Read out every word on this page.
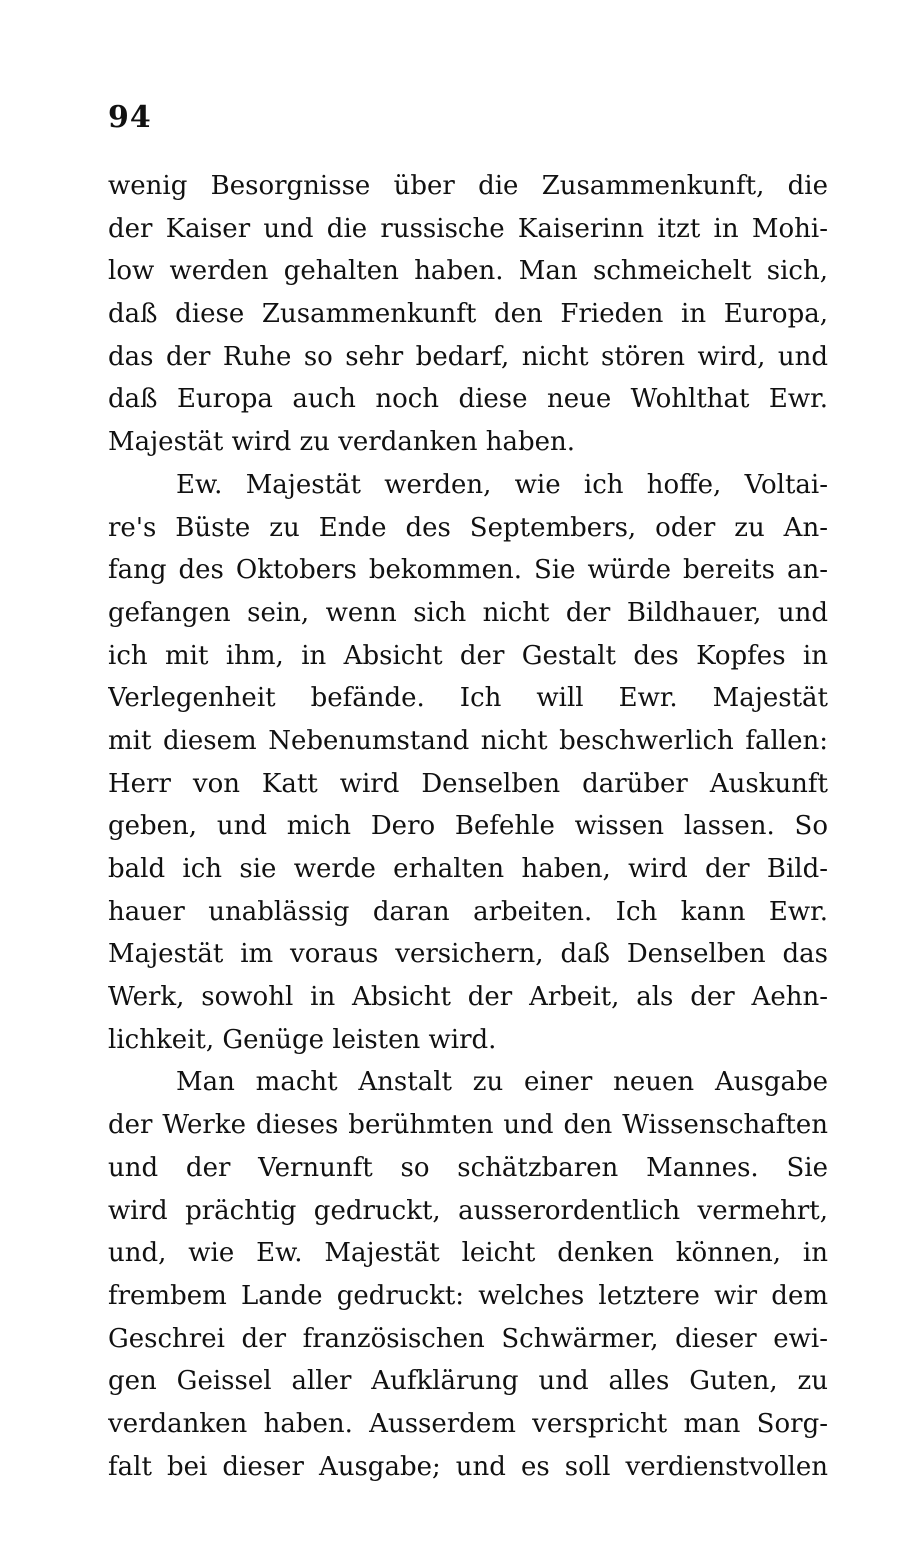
94
wenig Besorgnisse über die Zusammenkunft, die
der Kaiser und die russische Kaiserinn itzt in Mohi-
low werden gehalten haben. Man schmeichelt sich,
daß diese Zusammenkunft den Frieden in Europa,
das der Ruhe so sehr bedarf, nicht stören wird, und
daß Europa auch noch diese neue Wohlthat Ewr.
Majestät wird zu verdanken haben.
Ew. Majestät werden, wie ich hoffe, Voltai-
re's Büste zu Ende des Septembers, oder zu An-
fang des Oktobers bekommen. Sie würde bereits an-
gefangen sein, wenn sich nicht der Bildhauer, und
ich mit ihm, in Absicht der Gestalt des Kopfes in
Verlegenheit befände. Ich will Ewr. Majestät
mit diesem Nebenumstand nicht beschwerlich fallen:
Herr von Katt wird Denselben darüber Auskunft
geben, und mich Dero Befehle wissen lassen. So
bald ich sie werde erhalten haben, wird der Bild-
hauer unablässig daran arbeiten. Ich kann Ewr.
Majestät im voraus versichern, daß Denselben das
Werk, sowohl in Absicht der Arbeit, als der Aehn-
lichkeit, Genüge leisten wird.
Man macht Anstalt zu einer neuen Ausgabe
der Werke dieses berühmten und den Wissenschaften
und der Vernunft so schätzbaren Mannes. Sie
wird prächtig gedruckt, ausserordentlich vermehrt,
und, wie Ew. Majestät leicht denken können, in
frembem Lande gedruckt: welches letztere wir dem
Geschrei der französischen Schwärmer, dieser ewi-
gen Geissel aller Aufklärung und alles Guten, zu
verdanken haben. Ausserdem verspricht man Sorg-
falt bei dieser Ausgabe; und es soll verdienstvollen
